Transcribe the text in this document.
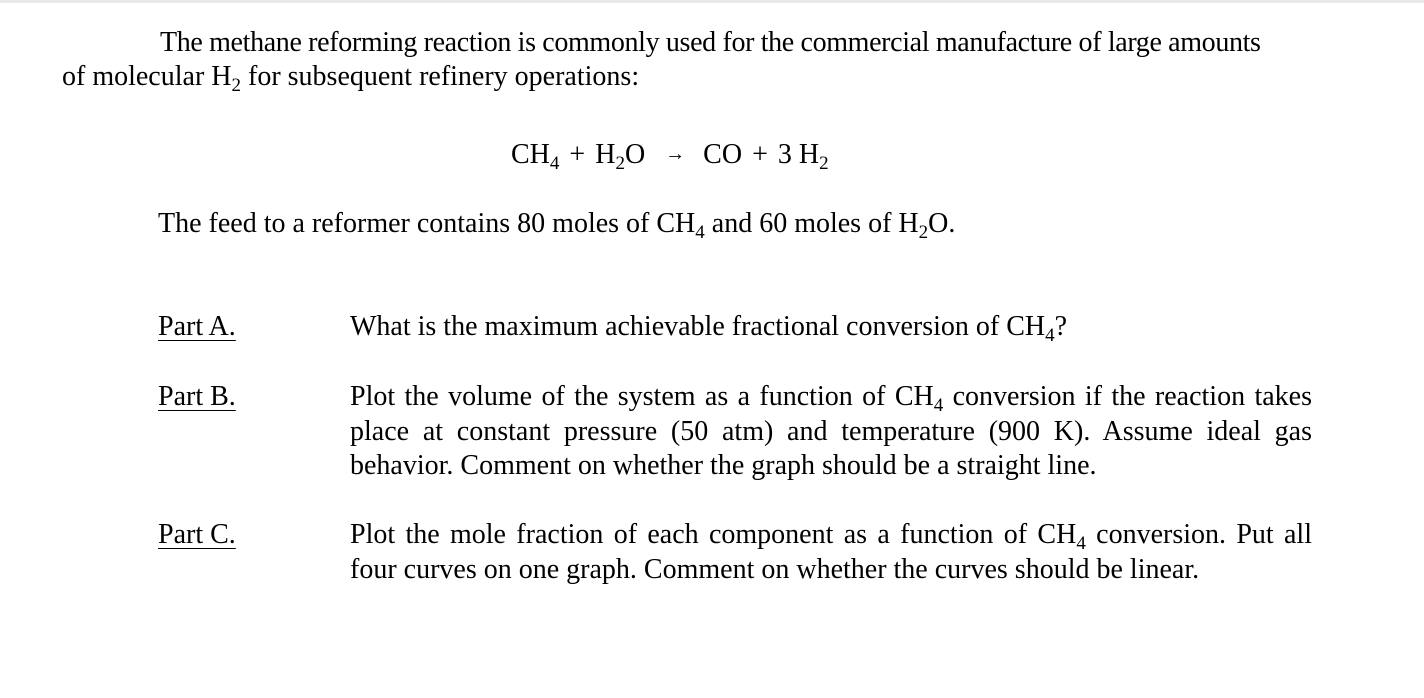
The methane reforming reaction is commonly used for the commercial manufacture of large amounts
of molecular $H_2$ for subsequent refinery operations:
$CH_4 + H_2O$ → CO + 3 $H_2$
The feed to a reformer contains 80 moles of $CH_4$ and 60 moles of $H_2O$.
Part A.	What is the maximum achievable fractional conversion of $CH_4$?
Part B.	Plot the volume of the system as a function of $CH_4$ conversion if the reaction takes
place at constant pressure (50 atm) and temperature (900 K). Assume ideal gas
behavior. Comment on whether the graph should be a straight line.
Part C.	Plot the mole fraction of each component as a function of $CH_4$ conversion. Put all
four curves on one graph. Comment on whether the curves should be linear.
